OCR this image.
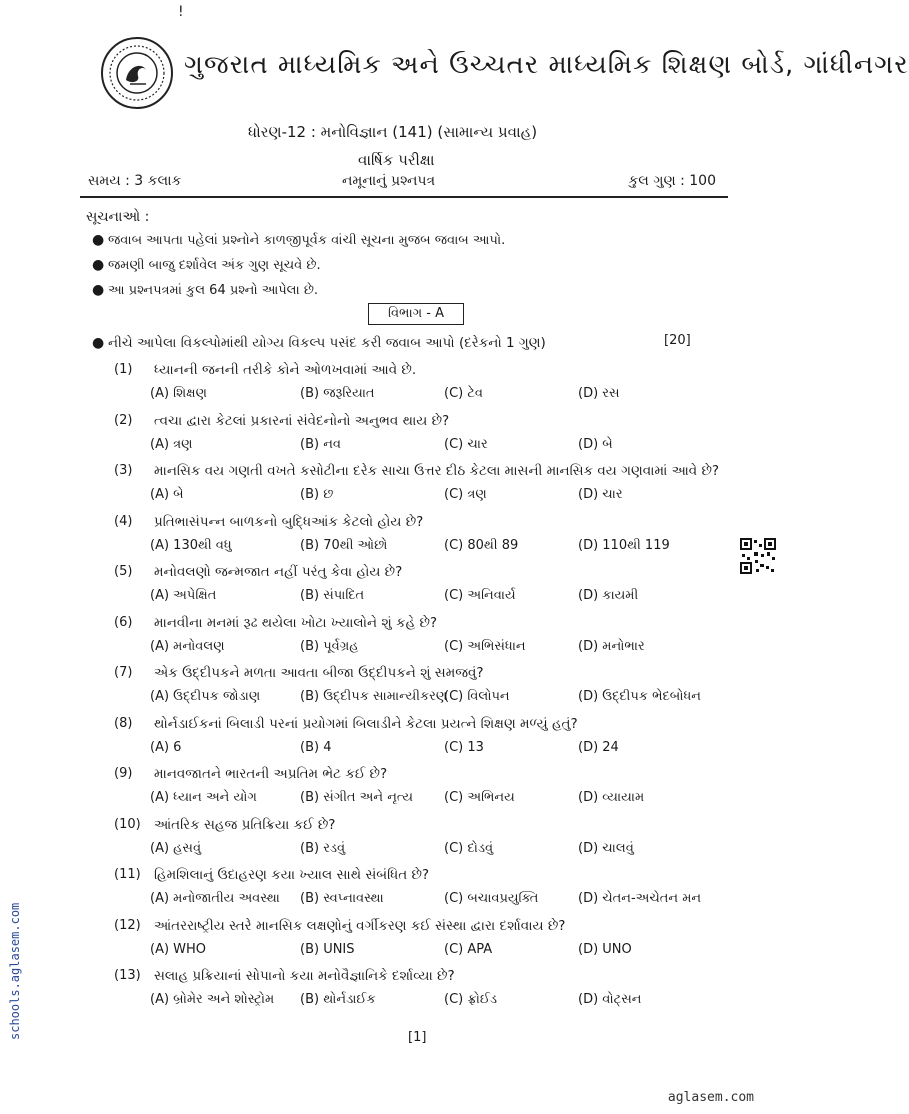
!
ગુજરાત માધ્યમિક અને ઉચ્ચતર માધ્યમિક શિક્ષણ બોર્ડ, ગાંધીનગર
ધોરણ-12 : મનોવિજ્ઞાન (141) (સામાન્ય પ્રવાહ)
વાર્ષિક પરીક્ષા
સમય : 3 કલાક	નમૂનાનું પ્રશ્નપત્ર	કુલ ગુણ : 100
સૂચનાઓ :
● જવાબ આપતા પહેલાં પ્રશ્નોને કાળજીપૂર્વક વાંચી સૂચના મુજબ જવાબ આપો.
● જમણી બાજુ દર્શાવેલ અંક ગુણ સૂચવે છે.
● આ પ્રશ્નપત્રમાં કુલ 64 પ્રશ્નો આપેલા છે.
વિભાગ - A
● નીચે આપેલા વિકલ્પોમાંથી યોગ્ય વિકલ્પ પસંદ કરી જવાબ આપો (દરેકનો 1 ગુણ)	[20]
(1) ધ્યાનની જનની તરીકે કોને ઓળખવામાં આવે છે.
(A) શિક્ષણ	(B) જરૂરિયાત	(C) ટેવ	(D) રસ
(2) ત્વચા દ્વારા કેટલાં પ્રકારનાં સંવેદનોનો અનુભવ થાય છે?
(A) ત્રણ	(B) નવ	(C) ચાર	(D) બે
(3) માનસિક વય ગણતી વખતે કસોટીના દરેક સાચા ઉત્તર દીઠ કેટલા માસની માનસિક વય ગણવામાં આવે છે?
(A) બે	(B) છ	(C) ત્રણ	(D) ચાર
(4) પ્રતિભાસંપન્ન બાળકનો બુદ્ધિઆંક કેટલો હોય છે?
(A) 130થી વધુ	(B) 70થી ઓછો	(C) 80થી 89	(D) 110થી 119
(5) મનોવલણો જન્મજાત નહીં પરંતુ કેવા હોય છે?
(A) અપેક્ષિત	(B) સંપાદિત	(C) અનિવાર્ય	(D) કાયમી
(6) માનવીના મનમાં રૂઢ થયેલા ખોટા ખ્યાલોને શું કહે છે?
(A) મનોવલણ	(B) પૂર્વગ્રહ	(C) અભિસંધાન	(D) મનોભાર
(7) એક ઉદ્દીપકને મળતા આવતા બીજા ઉદ્દીપકને શું સમજવું?
(A) ઉદ્દીપક જોડાણ	(B) ઉદ્દીપક સામાન્યીકરણ
(C) વિલોપન	(D) ઉદ્દીપક ભેદબોધન
(8) થોર્નડાઈકનાં બિલાડી પરનાં પ્રયોગમાં બિલાડીને કેટલા પ્રયત્ને શિક્ષણ મળ્યું હતું?
(A) 6	(B) 4	(C) 13	(D) 24
(9) માનવજાતને ભારતની અપ્રતિમ ભેટ કઈ છે?
(A) ધ્યાન અને યોગ	(B) સંગીત અને નૃત્ય (C) અભિનય	(D) વ્યાયામ
(10) આંતરિક સહજ પ્રતિક્રિયા કઈ છે?
(A) હસવું	(B) રડવું	(C) દોડવું	(D) ચાલવું
(11) હિમશિલાનું ઉદાહરણ કયા ખ્યાલ સાથે સંબંધિત છે?
(A) મનોજાતીય અવસ્થા (B) સ્વપ્નાવસ્થા	(C) બચાવપ્રયુક્તિ	(D) ચેતન-અચેતન મન
(12) આંતરરાષ્ટ્રીય સ્તરે માનસિક લક્ષણોનું વર્ગીકરણ કઈ સંસ્થા દ્વારા દર્શાવાય છે?
(A) WHO	(B) UNIS	(C) APA	(D) UNO
(13) સલાહ પ્રક્રિયાનાં સોપાનો કયા મનોવૈજ્ઞાનિકે દર્શાવ્યા છે?
(A) બ્રોમેર અને શોસ્ટ્રોમ (B) થોર્નડાઈક	(C) ફ્રોઈડ	(D) વોટ્સન
[1]
schools.aglasem.com
aglasem.com
